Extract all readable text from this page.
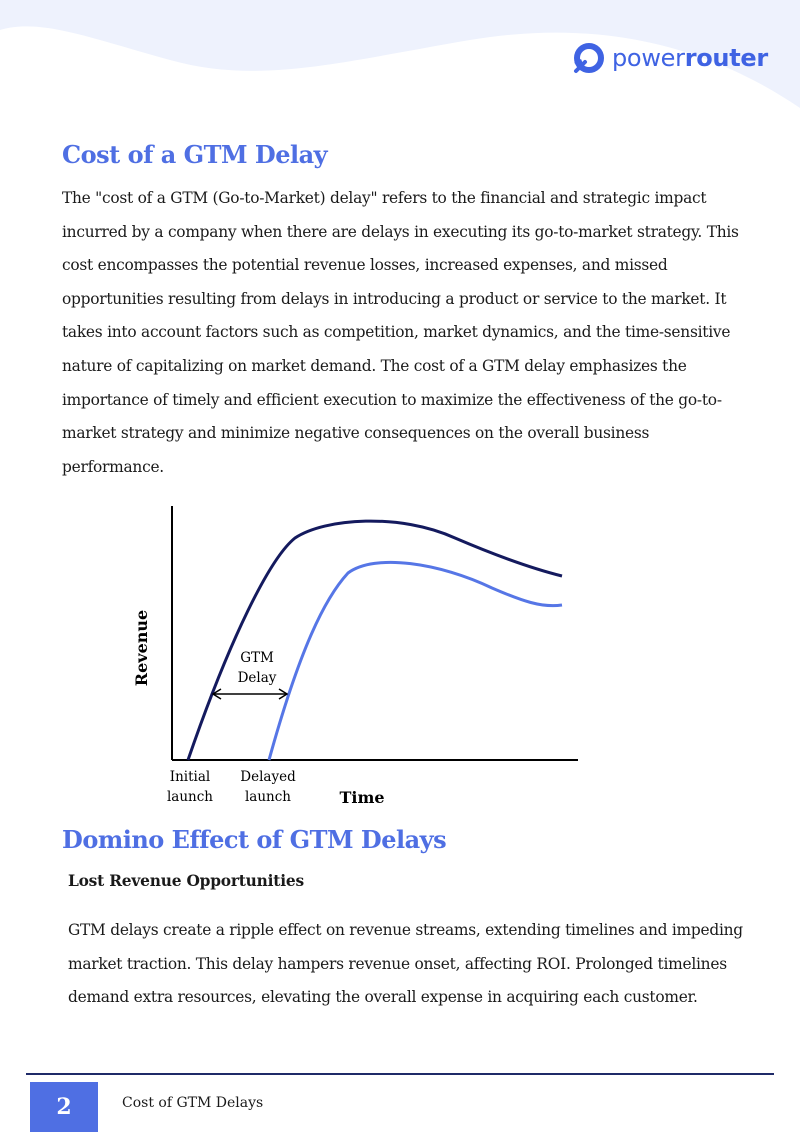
powerrouter
Cost of a GTM Delay

The "cost of a GTM (Go-to-Market) delay" refers to the financial and strategic impact incurred by a company when there are delays in executing its go-to-market strategy. This cost encompasses the potential revenue losses, increased expenses, and missed opportunities resulting from delays in introducing a product or service to the market. It takes into account factors such as competition, market dynamics, and the time-sensitive nature of capitalizing on market demand. The cost of a GTM delay emphasizes the importance of timely and efficient execution to maximize the effectiveness of the go-to-market strategy and minimize negative consequences on the overall business performance.

GTM
Delay
Revenue
Time
Initial
launch
Delayed
launch
Domino Effect of GTM Delays

Lost Revenue Opportunities

GTM delays create a ripple effect on revenue streams, extending timelines and impeding market traction. This delay hampers revenue onset, affecting ROI. Prolonged timelines demand extra resources, elevating the overall expense in acquiring each customer.

2	Cost of GTM Delays
